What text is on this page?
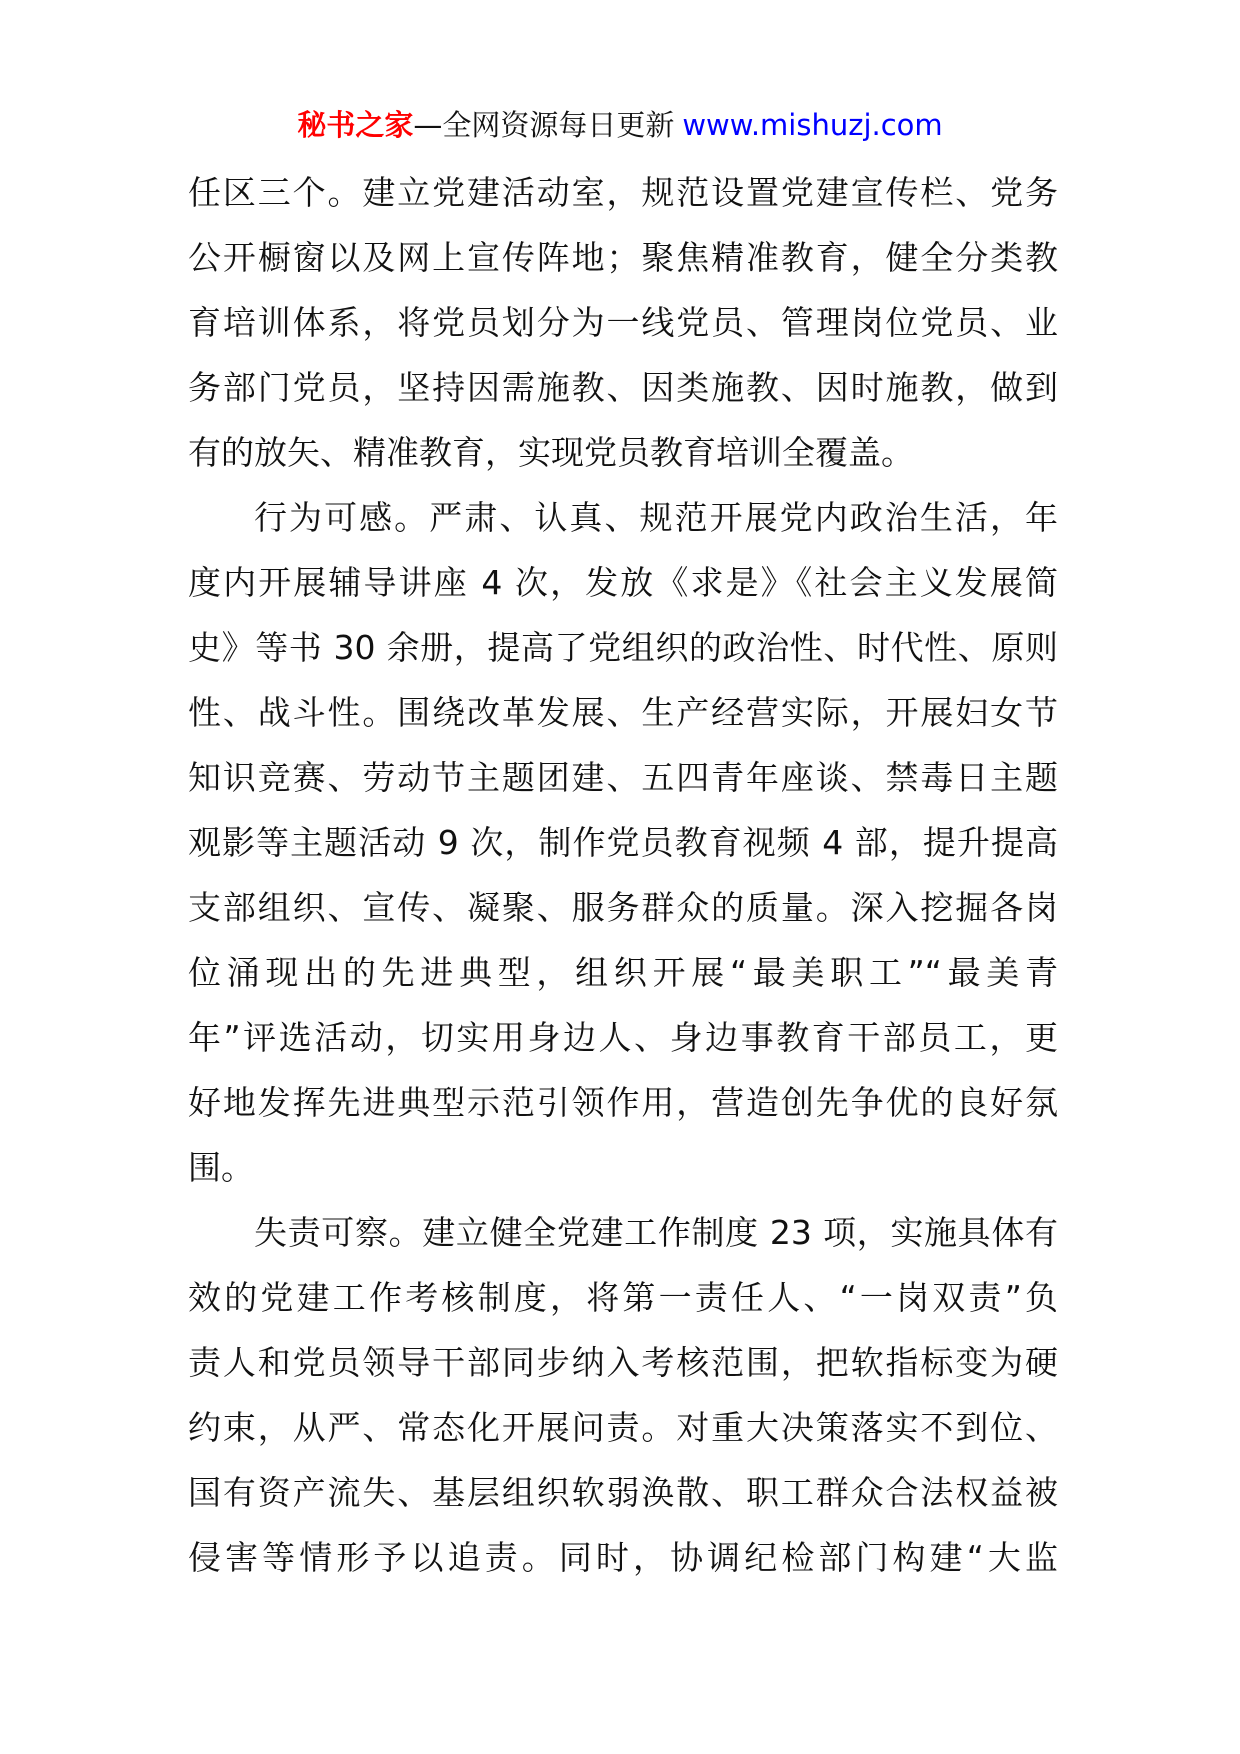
秘书之家—全网资源每日更新 www.mishuzj.com
任区三个。建立党建活动室，规范设置党建宣传栏、党务
公开橱窗以及网上宣传阵地；聚焦精准教育，健全分类教
育培训体系，将党员划分为一线党员、管理岗位党员、业
务部门党员，坚持因需施教、因类施教、因时施教，做到
有的放矢、精准教育，实现党员教育培训全覆盖。
行为可感。严肃、认真、规范开展党内政治生活，年
度内开展辅导讲座 4 次，发放《求是》《社会主义发展简
史》等书 30 余册，提高了党组织的政治性、时代性、原则
性、战斗性。围绕改革发展、生产经营实际，开展妇女节
知识竞赛、劳动节主题团建、五四青年座谈、禁毒日主题
观影等主题活动 9 次，制作党员教育视频 4 部，提升提高
支部组织、宣传、凝聚、服务群众的质量。深入挖掘各岗
位涌现出的先进典型，组织开展“最美职工”“最美青
年”评选活动，切实用身边人、身边事教育干部员工，更
好地发挥先进典型示范引领作用，营造创先争优的良好氛
围。
失责可察。建立健全党建工作制度 23 项，实施具体有
效的党建工作考核制度，将第一责任人、“一岗双责”负
责人和党员领导干部同步纳入考核范围，把软指标变为硬
约束，从严、常态化开展问责。对重大决策落实不到位、
国有资产流失、基层组织软弱涣散、职工群众合法权益被
侵害等情形予以追责。同时，协调纪检部门构建“大监
